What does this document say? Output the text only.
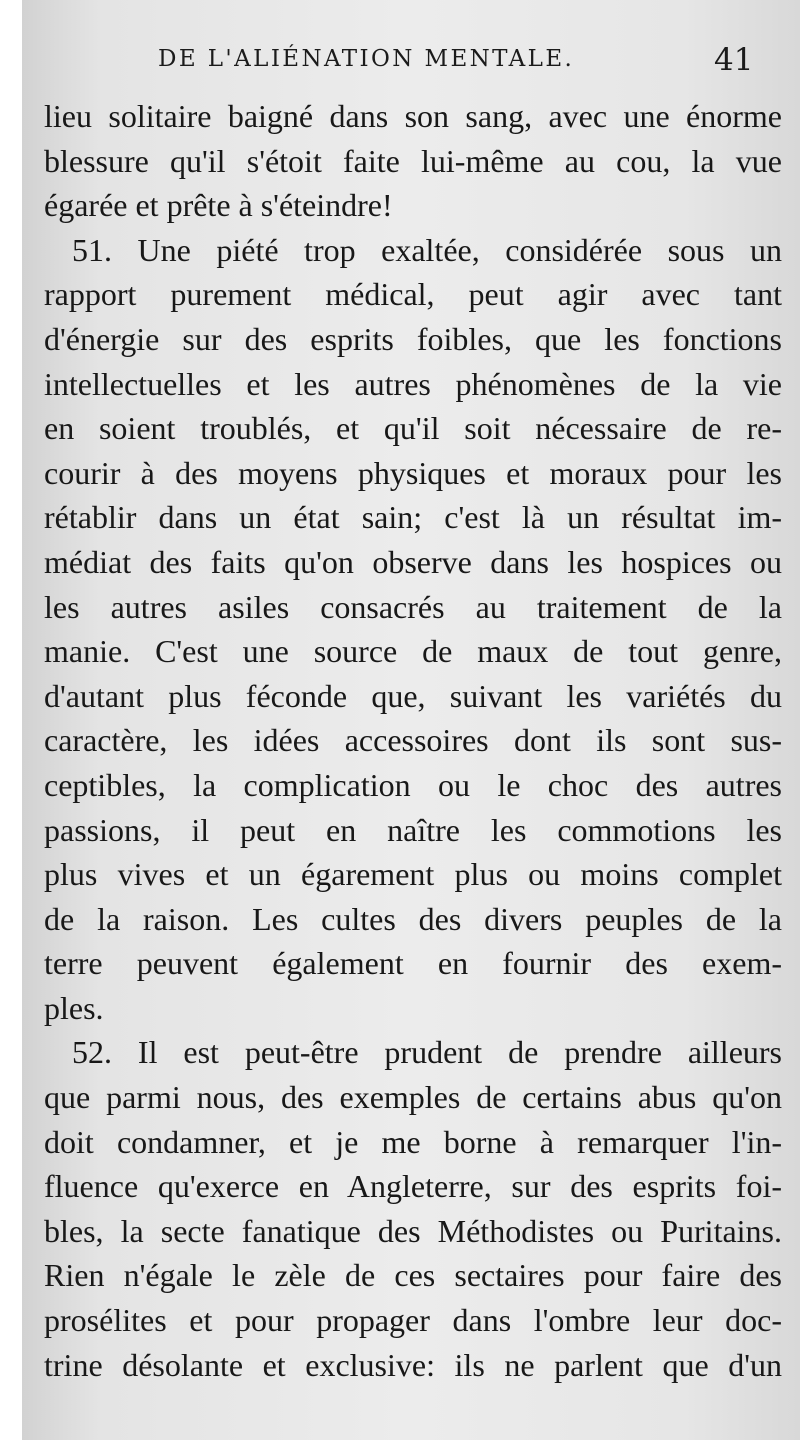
DE L'ALIÉNATION MENTALE.	41
lieu solitaire baigné dans son sang, avec une énorme
blessure qu'il s'étoit faite lui-même au cou, la vue
égarée et prête à s'éteindre!
51. Une piété trop exaltée, considérée sous un
rapport purement médical, peut agir avec tant
d'énergie sur des esprits foibles, que les fonctions
intellectuelles et les autres phénomènes de la vie
en soient troublés, et qu'il soit nécessaire de re-
courir à des moyens physiques et moraux pour les
rétablir dans un état sain; c'est là un résultat im-
médiat des faits qu'on observe dans les hospices ou
les autres asiles consacrés au traitement de la
manie. C'est une source de maux de tout genre,
d'autant plus féconde que, suivant les variétés du
caractère, les idées accessoires dont ils sont sus-
ceptibles, la complication ou le choc des autres
passions, il peut en naître les commotions les
plus vives et un égarement plus ou moins complet
de la raison. Les cultes des divers peuples de la
terre peuvent également en fournir des exem-
ples.
52. Il est peut-être prudent de prendre ailleurs
que parmi nous, des exemples de certains abus qu'on
doit condamner, et je me borne à remarquer l'in-
fluence qu'exerce en Angleterre, sur des esprits foi-
bles, la secte fanatique des Méthodistes ou Puritains.
Rien n'égale le zèle de ces sectaires pour faire des
prosélites et pour propager dans l'ombre leur doc-
trine désolante et exclusive: ils ne parlent que d'un
